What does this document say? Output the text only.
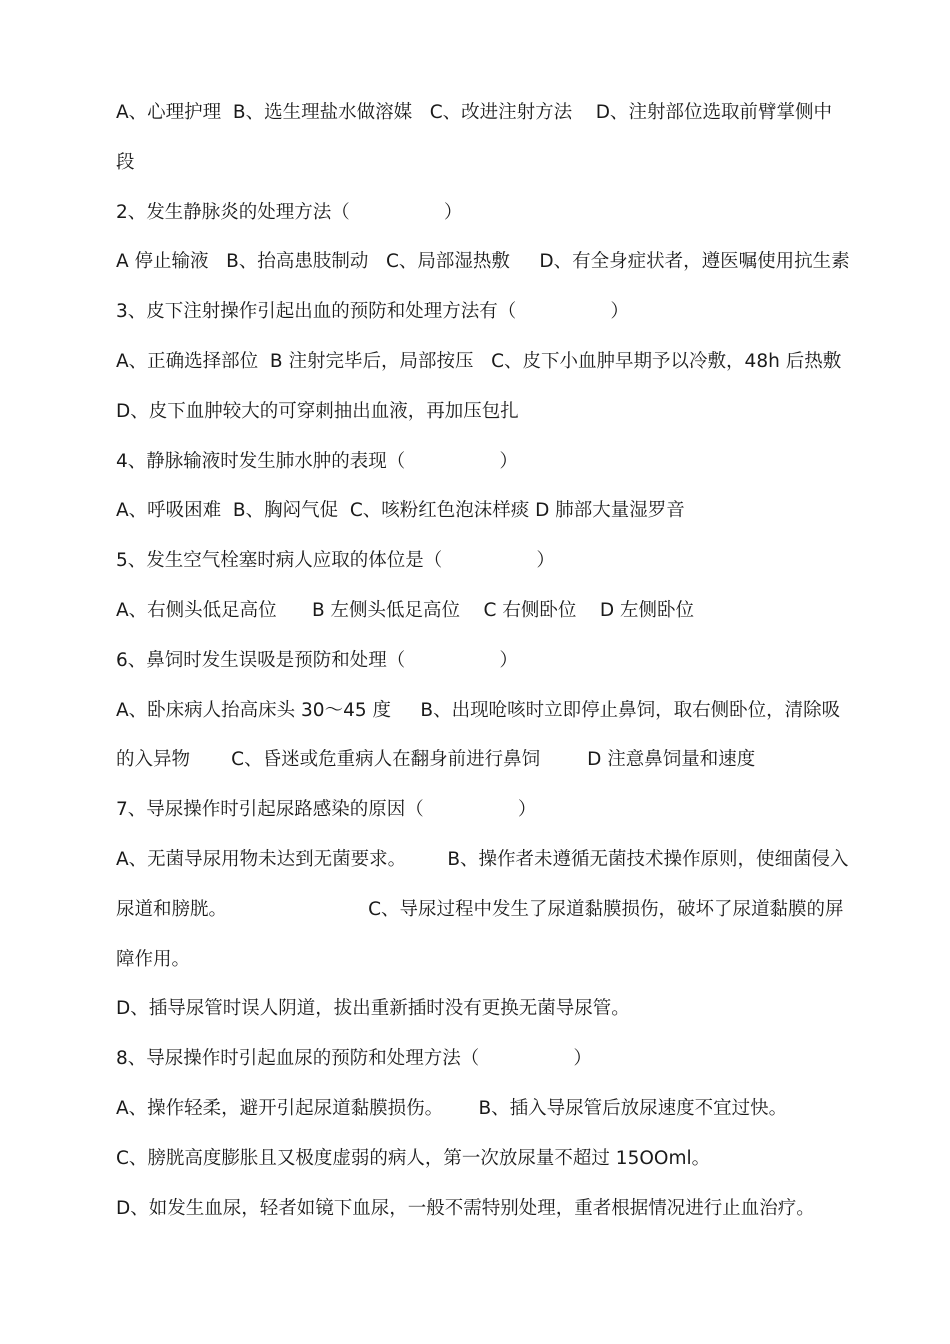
A、心理护理  B、选生理盐水做溶媒   C、改进注射方法    D、注射部位选取前臂掌侧中
段
2、发生静脉炎的处理方法（                ）
A 停止输液   B、抬高患肢制动   C、局部湿热敷     D、有全身症状者，遵医嘱使用抗生素
3、皮下注射操作引起出血的预防和处理方法有（                ）
A、正确选择部位  B 注射完毕后，局部按压   C、皮下小血肿早期予以冷敷，48h 后热敷
D、皮下血肿较大的可穿刺抽出血液，再加压包扎
4、静脉输液时发生肺水肿的表现（                ）
A、呼吸困难  B、胸闷气促  C、咳粉红色泡沫样痰 D 肺部大量湿罗音
5、发生空气栓塞时病人应取的体位是（                ）
A、右侧头低足高位      B 左侧头低足高位    C 右侧卧位    D 左侧卧位
6、鼻饲时发生误吸是预防和处理（                ）
A、卧床病人抬高床头 30～45 度     B、出现呛咳时立即停止鼻饲，取右侧卧位，清除吸
的入异物       C、昏迷或危重病人在翻身前进行鼻饲        D 注意鼻饲量和速度
7、导尿操作时引起尿路感染的原因（                ）
A、无菌导尿用物未达到无菌要求。       B、操作者未遵循无菌技术操作原则，使细菌侵入
尿道和膀胱。                        C、导尿过程中发生了尿道黏膜损伤，破坏了尿道黏膜的屏
障作用。
D、插导尿管时误人阴道，拔出重新插时没有更换无菌导尿管。
8、导尿操作时引起血尿的预防和处理方法（                ）
A、操作轻柔，避开引起尿道黏膜损伤。      B、插入导尿管后放尿速度不宜过快。
C、膀胱高度膨胀且又极度虚弱的病人，第一次放尿量不超过 15OOml。
D、如发生血尿，轻者如镜下血尿，一般不需特别处理，重者根据情况进行止血治疗。
